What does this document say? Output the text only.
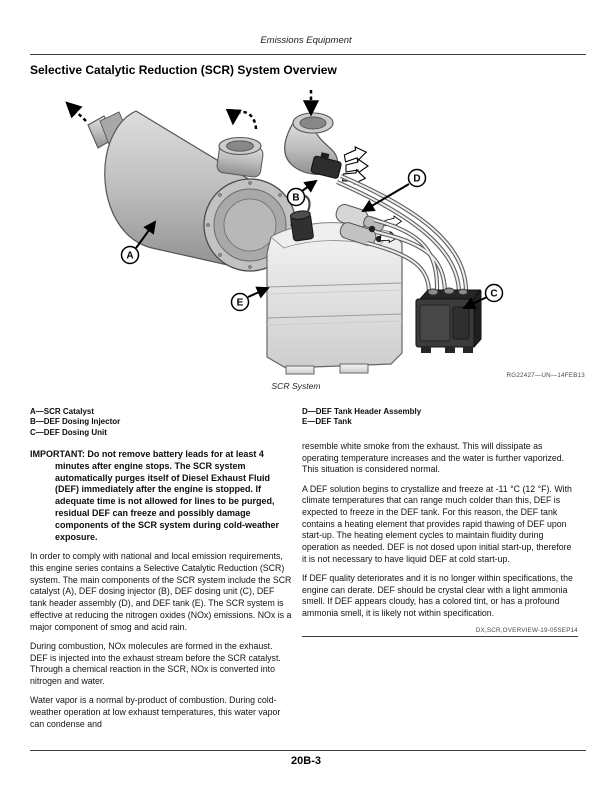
Emissions Equipment
Selective Catalytic Reduction (SCR) System Overview
A
B
C
D
E
RG22427—UN—14FEB13
SCR System
A—SCR Catalyst
B—DEF Dosing Injector
C—DEF Dosing Unit
D—DEF Tank Header Assembly
E—DEF Tank

IMPORTANT: Do not remove battery leads for at least 4 minutes after engine stops. The SCR system automatically purges itself of Diesel Exhaust Fluid (DEF) immediately after the engine is stopped. If adequate time is not allowed for lines to be purged, residual DEF can freeze and possibly damage components of the SCR system during cold-weather exposure.

In order to comply with national and local emission requirements, this engine series contains a Selective Catalytic Reduction (SCR) system. The main components of the SCR system include the SCR catalyst (A), DEF dosing injector (B), DEF dosing unit (C), DEF tank header assembly (D), and DEF tank (E). The SCR system is effective at reducing the nitrogen oxides (NOx) emissions. NOx is a major component of smog and acid rain.

During combustion, NOx molecules are formed in the exhaust. DEF is injected into the exhaust stream before the SCR catalyst. Through a chemical reaction in the SCR, NOx is converted into nitrogen and water.

Water vapor is a normal by-product of combustion. During cold-weather operation at low exhaust temperatures, this water vapor can condense and

resemble white smoke from the exhaust. This will dissipate as operating temperature increases and the water is further vaporized. This situation is considered normal.

A DEF solution begins to crystallize and freeze at -11 °C (12 °F). With climate temperatures that can range much colder than this, DEF is expected to freeze in the DEF tank. For this reason, the DEF tank contains a heating element that provides rapid thawing of DEF upon start-up. The heating element cycles to maintain fluidity during operation as needed. DEF is not dosed upon initial start-up, therefore it is not necessary to have liquid DEF at cold start-up.

If DEF quality deteriorates and it is no longer within specifications, the engine can derate. DEF should be crystal clear with a light ammonia smell. If DEF appears cloudy, has a colored tint, or has a profound ammonia smell, it is likely not within specification.

DX,SCR,OVERVIEW-19-05SEP14
20B-3
